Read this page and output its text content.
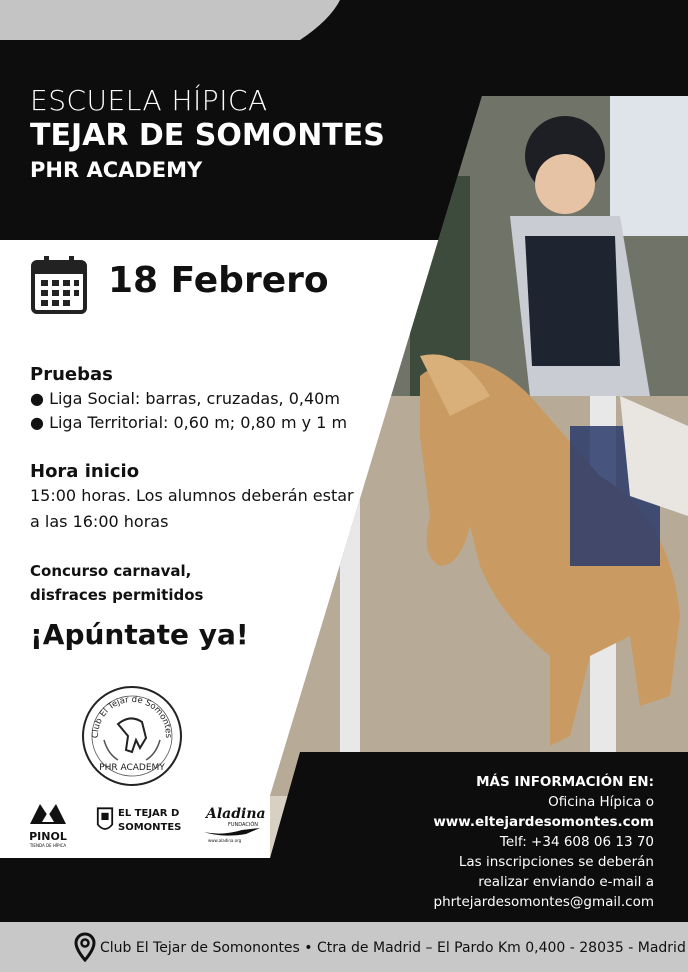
ESCUELA HÍPICA
TEJAR DE SOMONTES
PHR ACADEMY
18 Febrero
Pruebas
● Liga Social: barras, cruzadas, 0,40m
● Liga Territorial: 0,60 m; 0,80 m y 1 m
Hora inicio
15:00 horas. Los alumnos deberán estar
a las 16:00 horas
Concurso carnaval,
disfraces permitidos
¡Apúntate ya!
Club El Tejar de Somontes
PHR ACADEMY
PINOL
TIENDA DE HÍPICA
EL TEJAR D
SOMONTES
Aladina
FUNDACIÓN
www.aladina.org
MÁS INFORMACIÓN EN:
Oficina Hípica o
www.eltejardesomontes.com
Telf: +34 608 06 13 70
Las inscripciones se deberán
realizar enviando e-mail a
phrtejardesomontes@gmail.com
Club El Tejar de Somonontes • Ctra de Madrid – El Pardo Km 0,400 - 28035 - Madrid
